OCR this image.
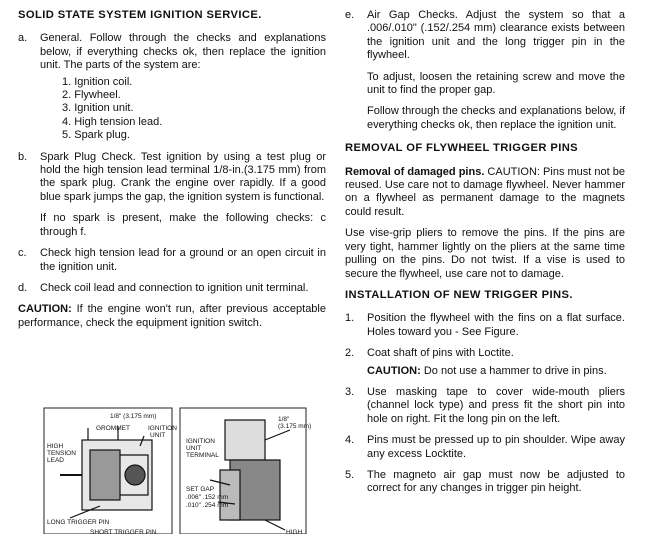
SOLID STATE SYSTEM IGNITION SERVICE.
a.	General. Follow through the checks and explanations below, if everything checks ok, then replace the ignition unit. The parts of the system are:
1. Ignition coil.
2. Flywheel.
3. Ignition unit.
4. High tension lead.
5. Spark plug.
b.	Spark Plug Check. Test ignition by using a test plug or hold the high tension lead terminal 1/8-in.(3.175 mm) from the spark plug. Crank the engine over rapidly. If a good blue spark jumps the gap, the ignition system is functional.
If no spark is present, make the following checks: c through f.
c.	Check high tension lead for a ground or an open circuit in the ignition unit.
d.	Check coil lead and connection to ignition unit terminal.
CAUTION: If the engine won't run, after previous acceptable performance, check the equipment ignition switch.
e.	Air Gap Checks. Adjust the system so that a .006/.010" (.152/.254 mm) clearance exists between the ignition unit and the long trigger pin in the flywheel.
To adjust, loosen the retaining screw and move the unit to find the proper gap.
Follow through the checks and explanations below, if everything checks ok, then replace the ignition unit.
REMOVAL OF FLYWHEEL TRIGGER PINS
Removal of damaged pins. CAUTION: Pins must not be reused. Use care not to damage flywheel. Never hammer on a flywheel as permanent damage to the magnets could result.
Use vise-grip pliers to remove the pins. If the pins are very tight, hammer lightly on the pliers at the same time pulling on the pins. Do not twist. If a vise is used to secure the flywheel, use care not to damage.
INSTALLATION OF NEW TRIGGER PINS.
1.	Position the flywheel with the fins on a flat surface. Holes toward you - See Figure.
2.	Coat shaft of pins with Loctite.
CAUTION: Do not use a hammer to drive in pins.
3.	Use masking tape to cover wide-mouth pliers (channel lock type) and press fit the short pin into hole on right. Fit the long pin on the left.
4.	Pins must be pressed up to pin shoulder. Wipe away any excess Locktite.
5.	The magneto air gap must now be adjusted to correct for any changes in trigger pin height.
1/8" (3.175 mm)
GROMMET	IGNITION
UNIT
HIGH
TENSION
LEAD
LONG TRIGGER PIN
SHORT TRIGGER PIN
1/8"
(3.175 mm)
IGNITION
UNIT
TERMINAL
SET GAP
.006" .152 mm
.010" .254 mm
HIGH
